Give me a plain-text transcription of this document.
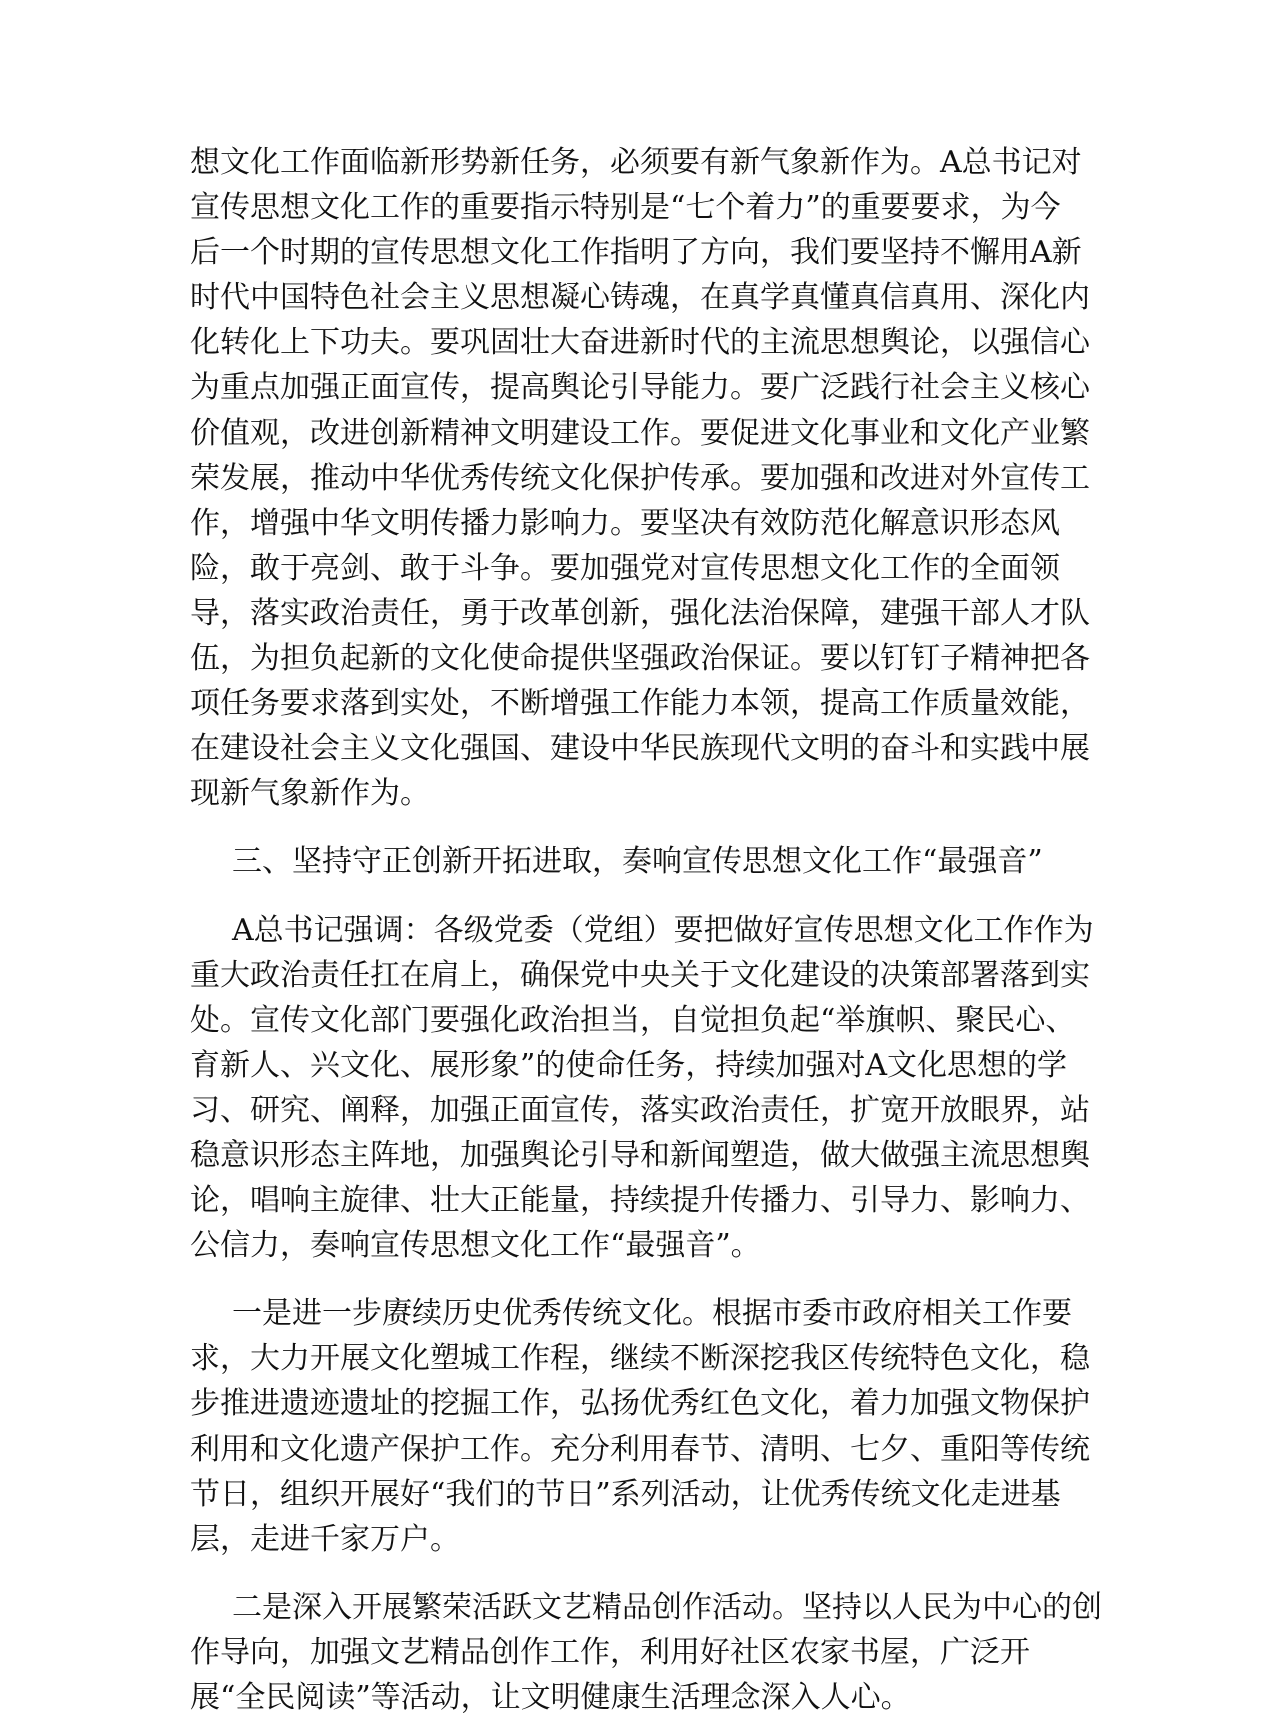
想文化工作面临新形势新任务，必须要有新气象新作为。A总书记对
宣传思想文化工作的重要指示特别是“七个着力”的重要要求，为今
后一个时期的宣传思想文化工作指明了方向，我们要坚持不懈用A新
时代中国特色社会主义思想凝心铸魂，在真学真懂真信真用、深化内
化转化上下功夫。要巩固壮大奋进新时代的主流思想舆论，以强信心
为重点加强正面宣传，提高舆论引导能力。要广泛践行社会主义核心
价值观，改进创新精神文明建设工作。要促进文化事业和文化产业繁
荣发展，推动中华优秀传统文化保护传承。要加强和改进对外宣传工
作，增强中华文明传播力影响力。要坚决有效防范化解意识形态风
险，敢于亮剑、敢于斗争。要加强党对宣传思想文化工作的全面领
导，落实政治责任，勇于改革创新，强化法治保障，建强干部人才队
伍，为担负起新的文化使命提供坚强政治保证。要以钉钉子精神把各
项任务要求落到实处，不断增强工作能力本领，提高工作质量效能，
在建设社会主义文化强国、建设中华民族现代文明的奋斗和实践中展
现新气象新作为。
三、坚持守正创新开拓进取，奏响宣传思想文化工作“最强音”
A总书记强调：各级党委（党组）要把做好宣传思想文化工作作为
重大政治责任扛在肩上，确保党中央关于文化建设的决策部署落到实
处。宣传文化部门要强化政治担当，自觉担负起“举旗帜、聚民心、
育新人、兴文化、展形象”的使命任务，持续加强对A文化思想的学
习、研究、阐释，加强正面宣传，落实政治责任，扩宽开放眼界，站
稳意识形态主阵地，加强舆论引导和新闻塑造，做大做强主流思想舆
论，唱响主旋律、壮大正能量，持续提升传播力、引导力、影响力、
公信力，奏响宣传思想文化工作“最强音”。
一是进一步赓续历史优秀传统文化。根据市委市政府相关工作要
求，大力开展文化塑城工作程，继续不断深挖我区传统特色文化，稳
步推进遗迹遗址的挖掘工作，弘扬优秀红色文化，着力加强文物保护
利用和文化遗产保护工作。充分利用春节、清明、七夕、重阳等传统
节日，组织开展好“我们的节日”系列活动，让优秀传统文化走进基
层，走进千家万户。
二是深入开展繁荣活跃文艺精品创作活动。坚持以人民为中心的创
作导向，加强文艺精品创作工作，利用好社区农家书屋，广泛开
展“全民阅读”等活动，让文明健康生活理念深入人心。
